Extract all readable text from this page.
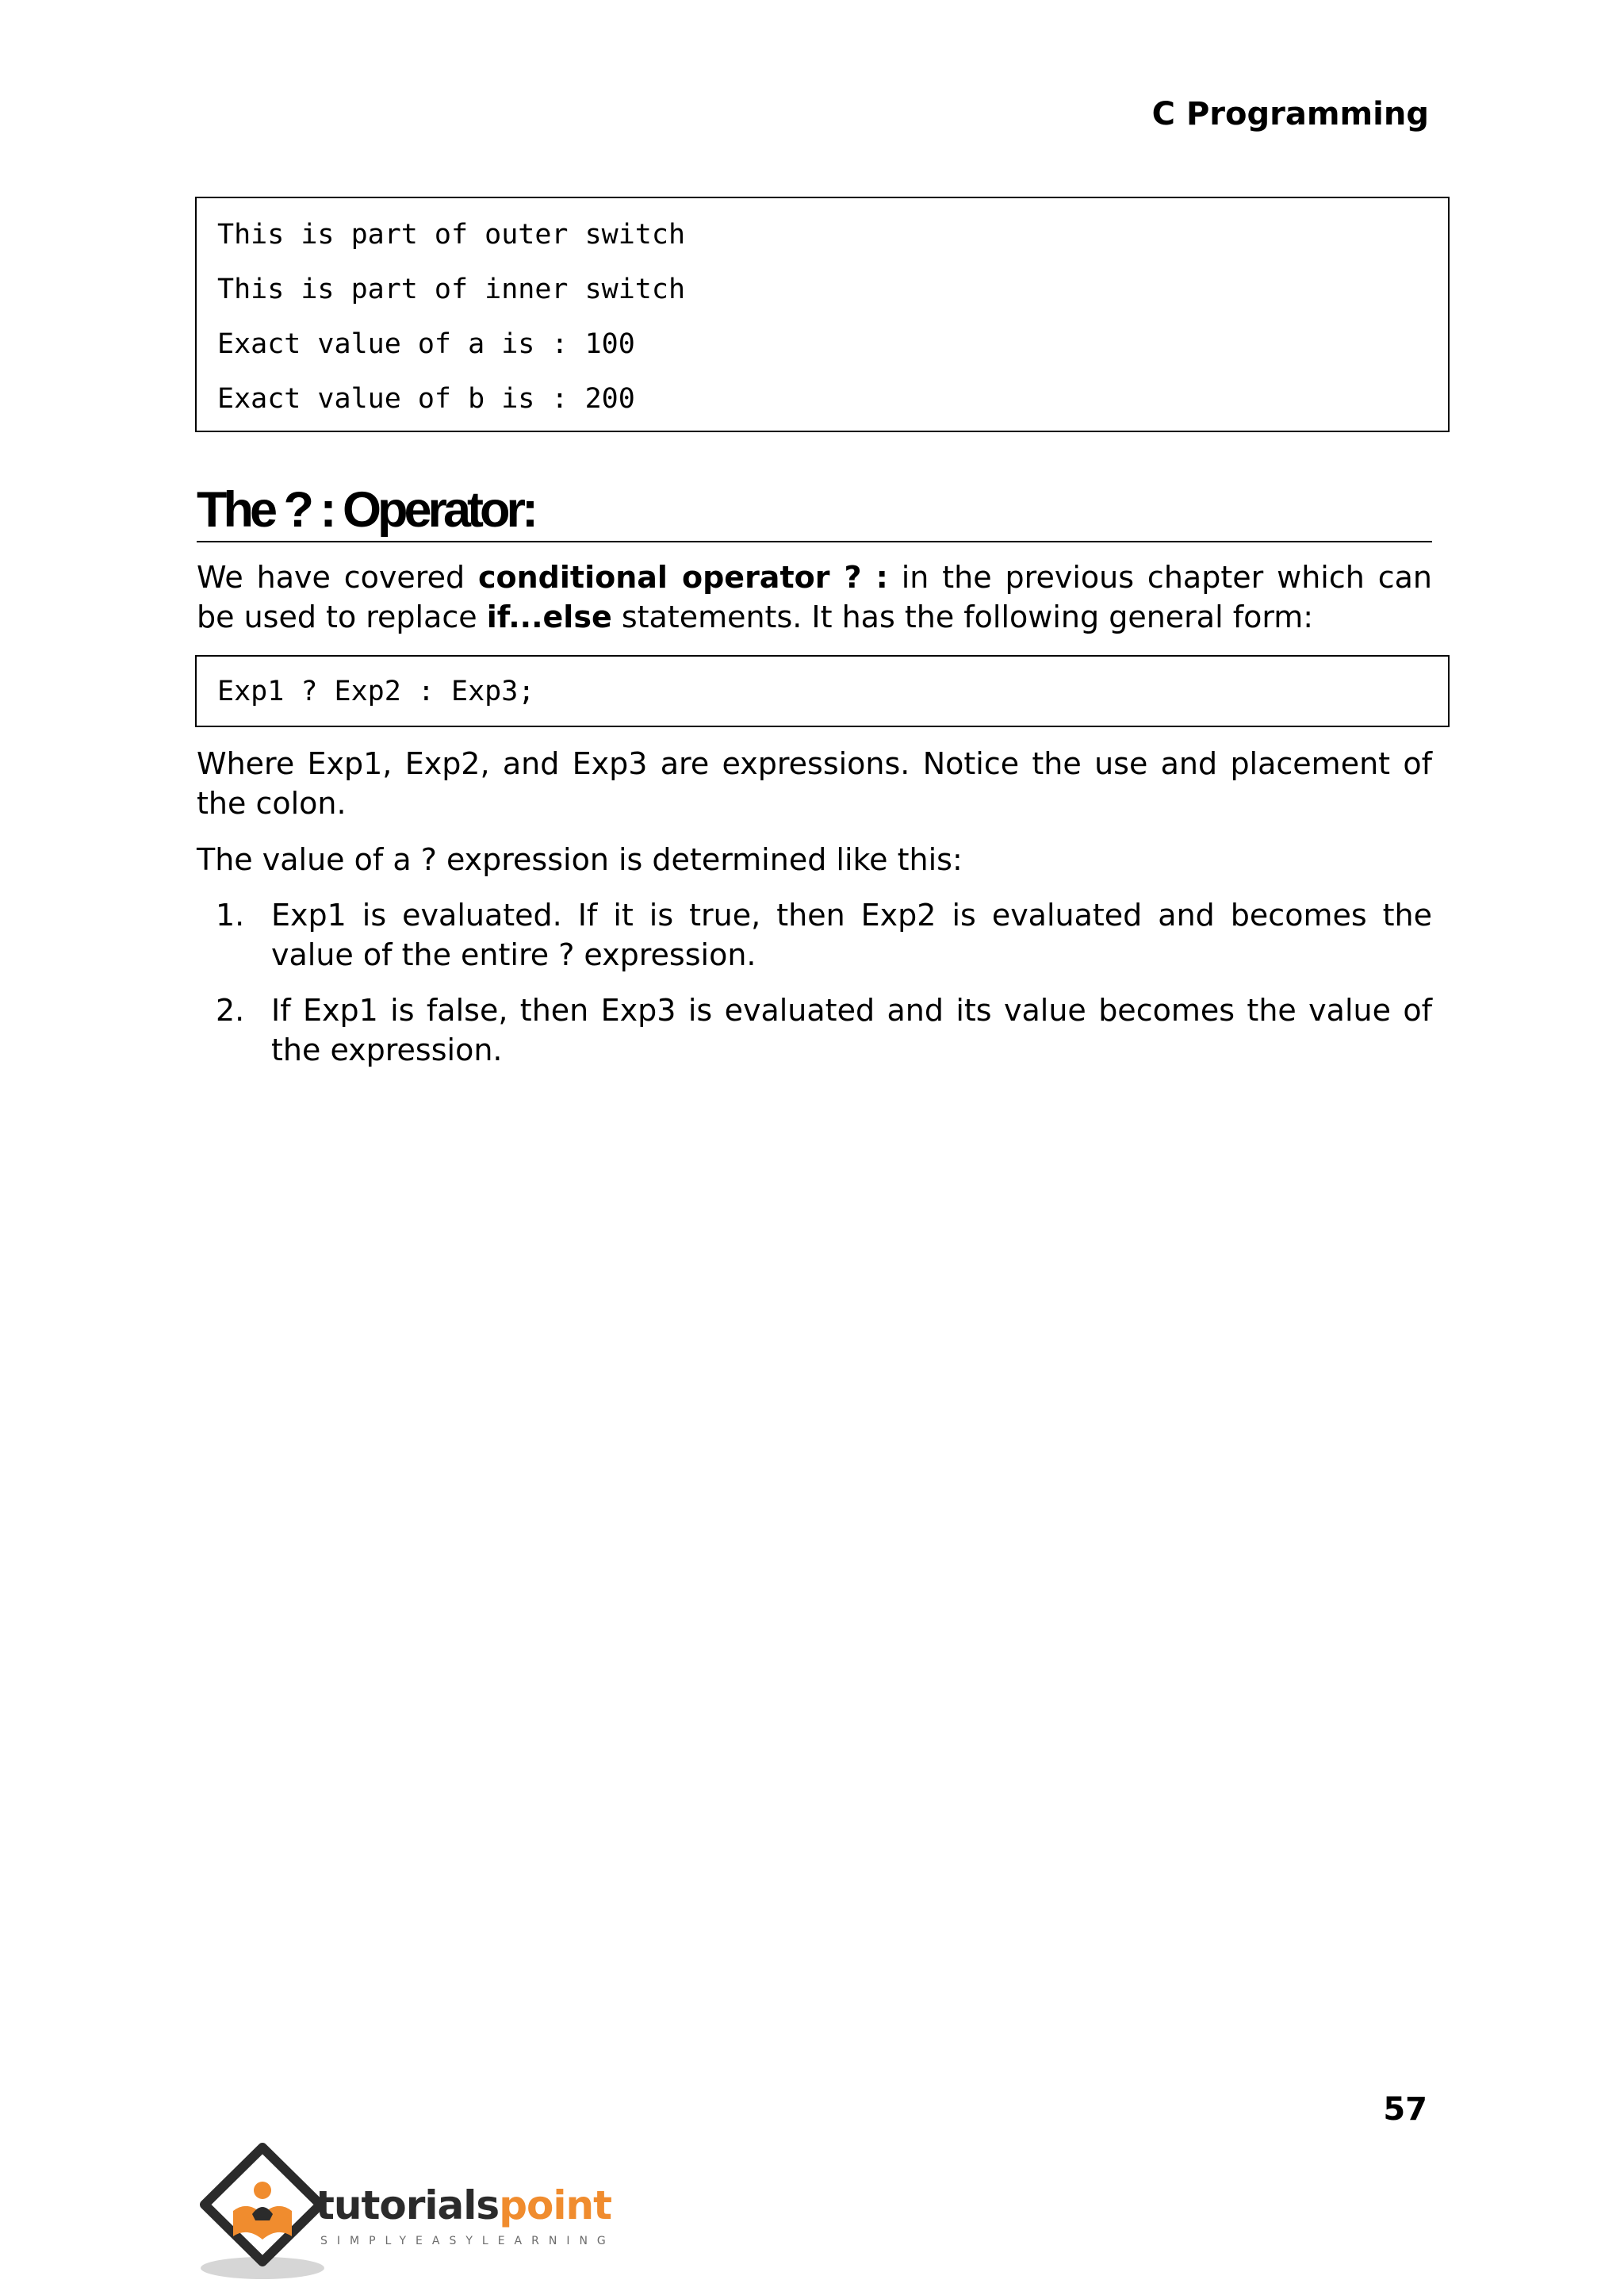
C Programming
This is part of outer switch
This is part of inner switch
Exact value of a is : 100
Exact value of b is : 200
The ? : Operator:

We have covered conditional operator ? : in the previous chapter which can be used to replace if...else statements. It has the following general form:

Exp1 ? Exp2 : Exp3;

Where Exp1, Exp2, and Exp3 are expressions. Notice the use and placement of the colon.

The value of a ? expression is determined like this:

1. Exp1 is evaluated. If it is true, then Exp2 is evaluated and becomes the value of the entire ? expression.
2. If Exp1 is false, then Exp3 is evaluated and its value becomes the value of the expression.
57
tutorialspoint
SIMPLYEASYLEARNING
